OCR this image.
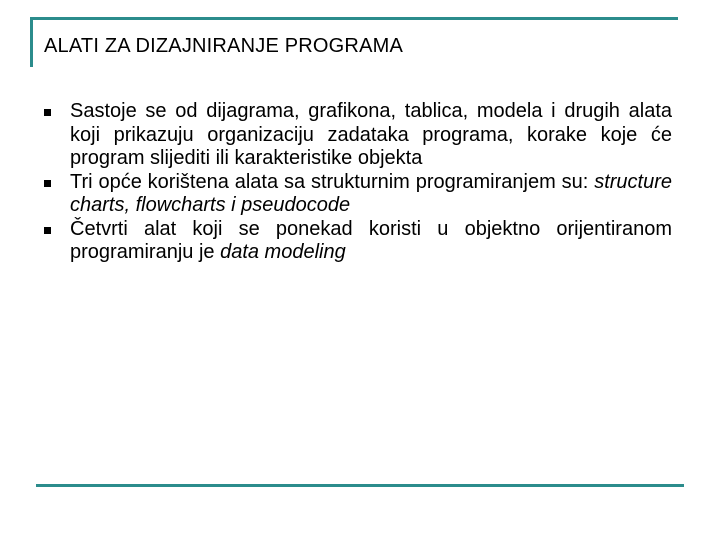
ALATI ZA DIZAJNIRANJE PROGRAMA
Sastoje se od dijagrama, grafikona, tablica, modela i drugih alata koji prikazuju organizaciju zadataka programa, korake koje će program slijediti ili karakteristike objekta
Tri opće korištena alata sa strukturnim programiranjem su: structure charts, flowcharts i pseudocode
Četvrti alat koji se ponekad koristi u objektno orijentiranom programiranju je data modeling
